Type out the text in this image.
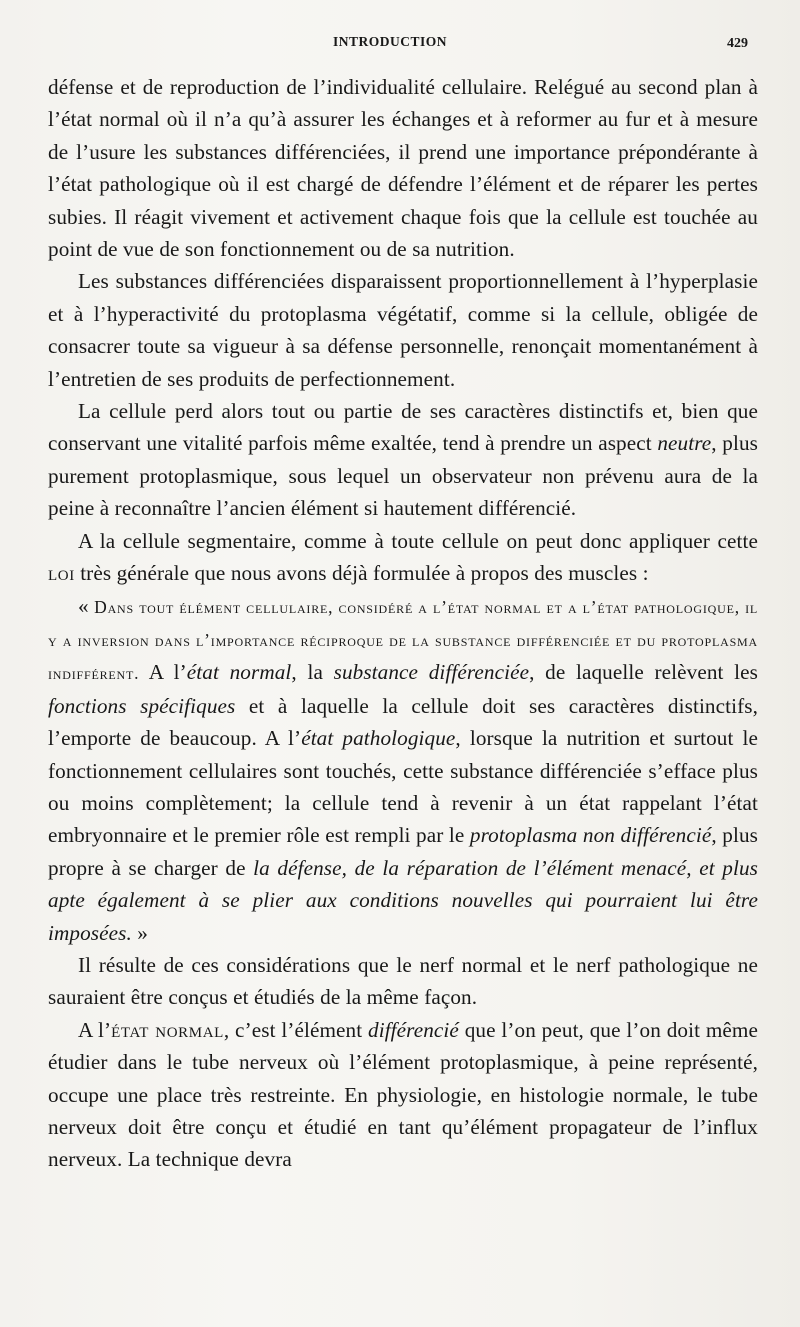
INTRODUCTION	429

défense et de reproduction de l’individualité cellulaire. Relégué au second plan à l’état normal où il n’a qu’à assurer les échanges et à reformer au fur et à mesure de l’usure les substances différenciées, il prend une importance prépondérante à l’état pathologique où il est chargé de défendre l’élément et de réparer les pertes subies. Il réagit vivement et activement chaque fois que la cellule est touchée au point de vue de son fonctionnement ou de sa nutrition.

Les substances différenciées disparaissent proportionnellement à l’hyperplasie et à l’hyperactivité du protoplasma végétatif, comme si la cellule, obligée de consacrer toute sa vigueur à sa défense personnelle, renonçait momentanément à l’entretien de ses produits de perfectionnement.

La cellule perd alors tout ou partie de ses caractères distinctifs et, bien que conservant une vitalité parfois même exaltée, tend à prendre un aspect neutre, plus purement protoplasmique, sous lequel un observateur non prévenu aura de la peine à reconnaître l’ancien élément si hautement différencié.

A la cellule segmentaire, comme à toute cellule on peut donc appliquer cette loi très générale que nous avons déjà formulée à propos des muscles :

« Dans tout élément cellulaire, considéré a l’état normal et a l’état pathologique, il y a inversion dans l’importance réciproque de la substance différenciée et du protoplasma indifférent. A l’état normal, la substance différenciée, de laquelle relèvent les fonctions spécifiques et à laquelle la cellule doit ses caractères distinctifs, l’emporte de beaucoup. A l’état pathologique, lorsque la nutrition et surtout le fonctionnement cellulaires sont touchés, cette substance différenciée s’efface plus ou moins complètement; la cellule tend à revenir à un état rappelant l’état embryonnaire et le premier rôle est rempli par le protoplasma non différencié, plus propre à se charger de la défense, de la réparation de l’élément menacé, et plus apte également à se plier aux conditions nouvelles qui pourraient lui être imposées. »

Il résulte de ces considérations que le nerf normal et le nerf pathologique ne sauraient être conçus et étudiés de la même façon.

A l’état normal, c’est l’élément différencié que l’on peut, que l’on doit même étudier dans le tube nerveux où l’élément protoplasmique, à peine représenté, occupe une place très restreinte. En physiologie, en histologie normale, le tube nerveux doit être conçu et étudié en tant qu’élément propagateur de l’influx nerveux. La technique devra
